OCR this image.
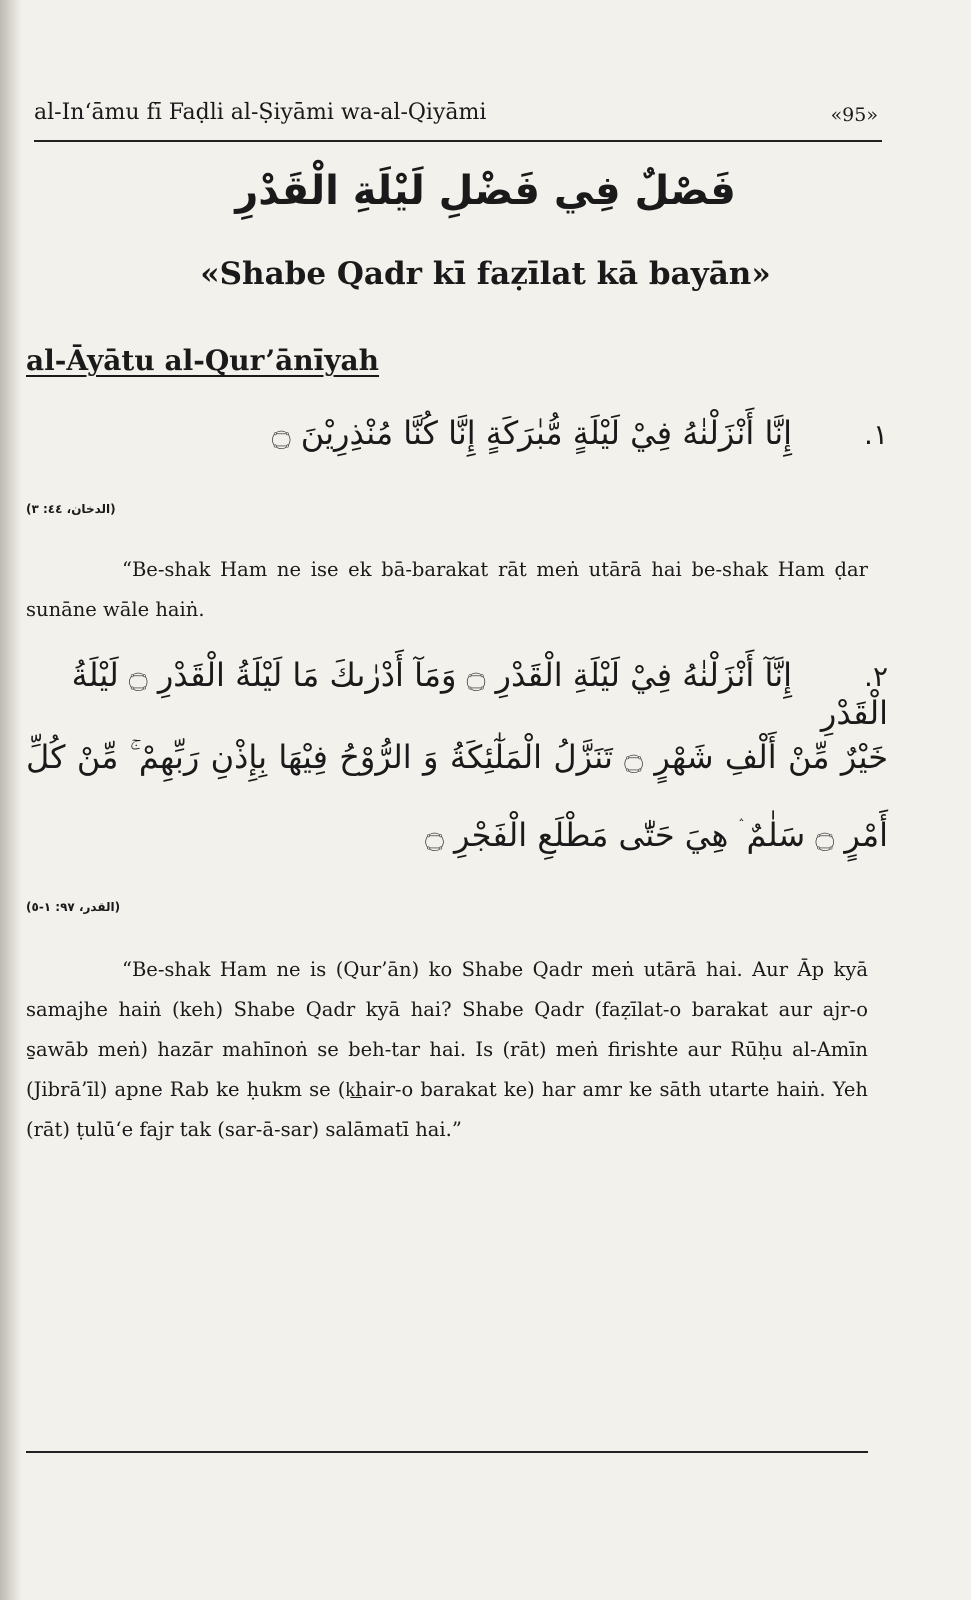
al-In‘āmu fī Faḍli al-Ṣiyāmi wa-al-Qiyāmi	«95»
فَصْلٌ فِي فَضْلِ لَيْلَةِ الْقَدْرِ
«Shabe Qadr kī faẓīlat kā bayān»
al-Āyātu al-Qur’ānīyah
١.إِنَّا أَنْزَلْنٰهُ فِيْ لَيْلَةٍ مُّبٰرَكَةٍ إِنَّا كُنَّا مُنْذِرِيْنَ ۝
(الدخان، ٤٤: ٣)
“Be-shak Ham ne ise ek bā-barakat rāt meṅ utārā hai be-shak Ham ḍar sunāne wāle haiṅ.
٢.إِنَّآ أَنْزَلْنٰهُ فِيْ لَيْلَةِ الْقَدْرِ ۝ وَمَآ أَدْرٰىكَ مَا لَيْلَةُ الْقَدْرِ ۝ لَيْلَةُ الْقَدْرِ
خَيْرٌ مِّنْ أَلْفِ شَهْرٍ ۝ تَنَزَّلُ الْمَلٰٓئِكَةُ وَ الرُّوْحُ فِيْهَا بِإِذْنِ رَبِّهِمْ ۚ مِّنْ كُلِّ
أَمْرٍ ۝ سَلٰمٌ ۛ هِيَ حَتّٰى مَطْلَعِ الْفَجْرِ ۝
(القدر، ٩٧: ١-٥)
“Be-shak Ham ne is (Qur’ān) ko Shabe Qadr meṅ utārā hai. Aur Āp kyā samajhe haiṅ (keh) Shabe Qadr kyā hai? Shabe Qadr (faẓīlat-o barakat aur ajr-o s̱awāb meṅ) hazār mahīnoṅ se beh-tar hai. Is (rāt) meṅ firishte aur Rūḥu al-Amīn (Jibrā’īl) apne Rab ke ḥukm se (k͟hair-o barakat ke) har amr ke sāth utarte haiṅ. Yeh (rāt) ṭulū‘e fajr tak (sar-ā-sar) salāmatī hai.”
